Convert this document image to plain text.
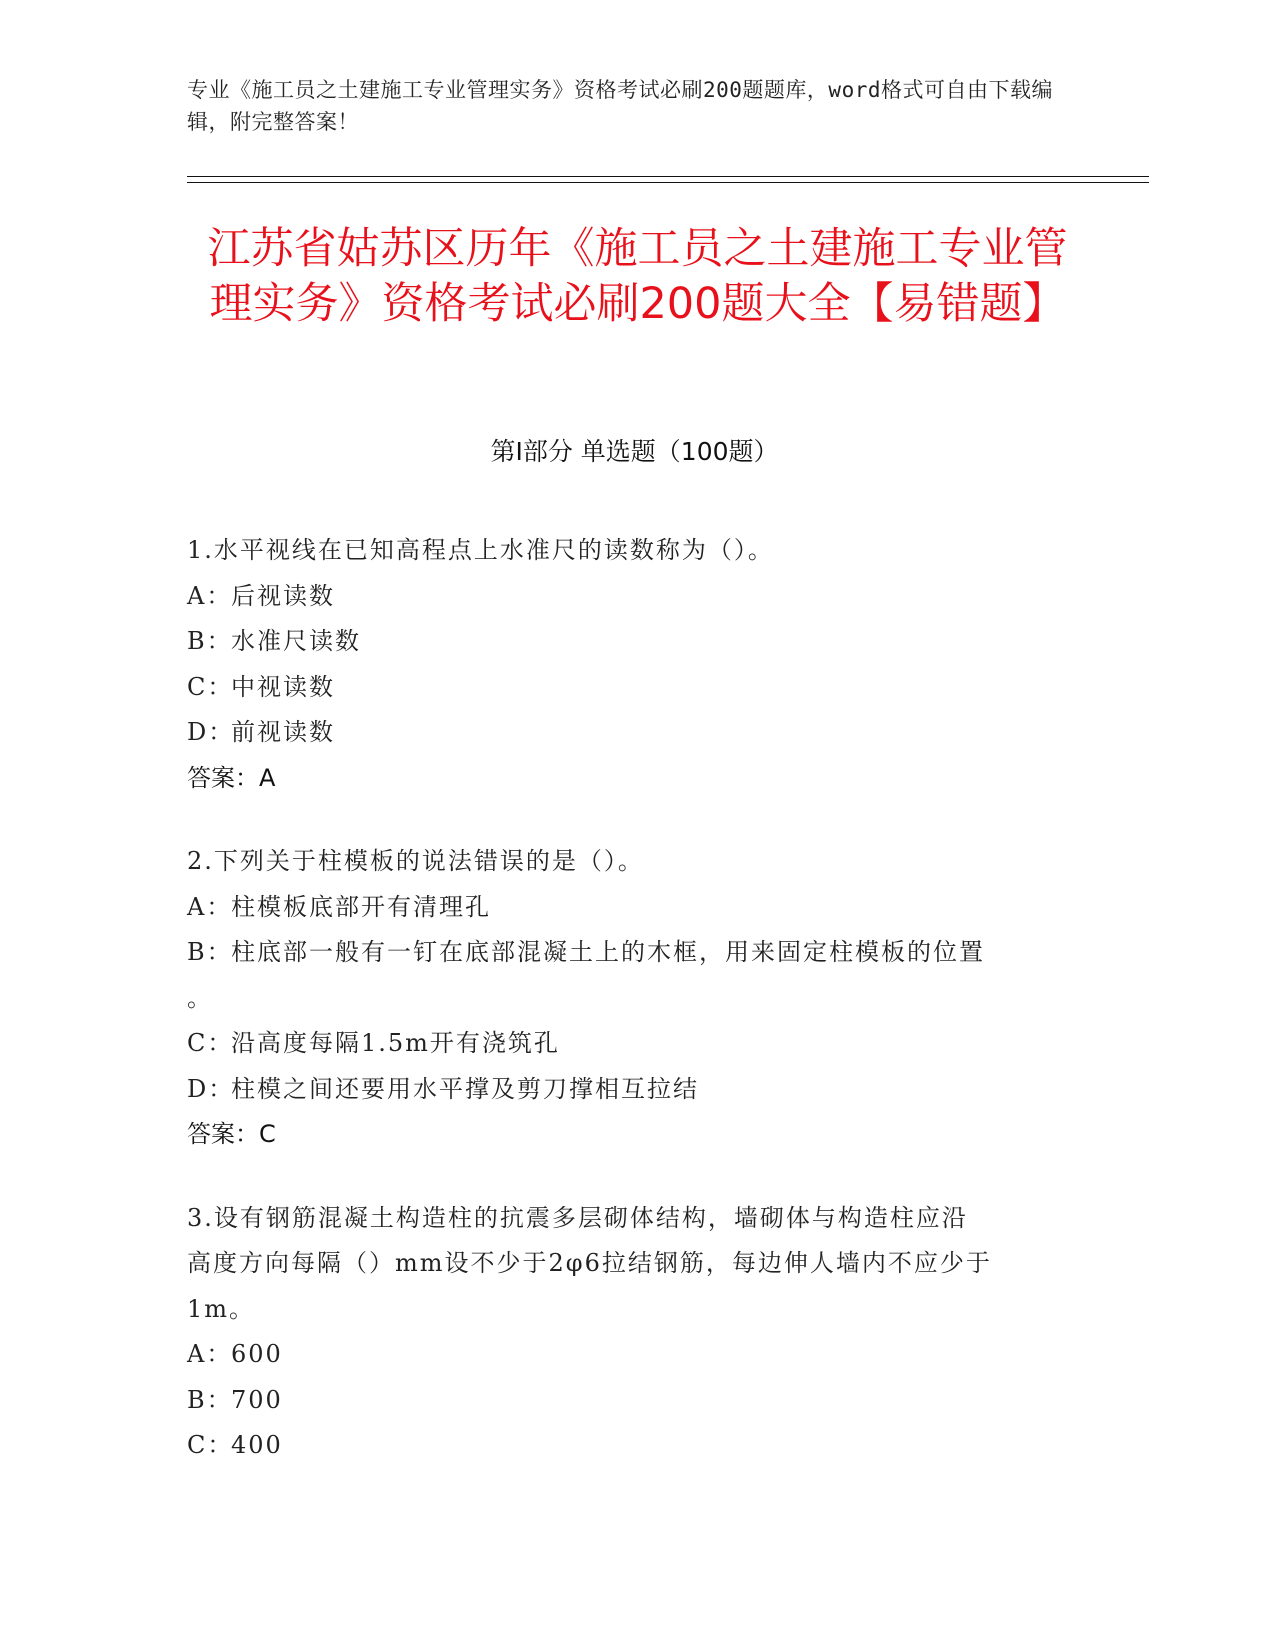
专业《施工员之土建施工专业管理实务》资格考试必刷200题题库，word格式可自由下载编辑，附完整答案！
江苏省姑苏区历年《施工员之土建施工专业管理实务》资格考试必刷200题大全【易错题】
第Ⅰ部分 单选题（100题）
1.水平视线在已知高程点上水准尺的读数称为（）。
A：后视读数
B：水准尺读数
C：中视读数
D：前视读数
答案：A
2.下列关于柱模板的说法错误的是（）。
A：柱模板底部开有清理孔
B：柱底部一般有一钉在底部混凝土上的木框，用来固定柱模板的位置
。
C：沿高度每隔1.5m开有浇筑孔
D：柱模之间还要用水平撑及剪刀撑相互拉结
答案：C
3.设有钢筋混凝土构造柱的抗震多层砌体结构，墙砌体与构造柱应沿
高度方向每隔（）mm设不少于2φ6拉结钢筋，每边伸人墙内不应少于
1m。
A：600
B：700
C：400
